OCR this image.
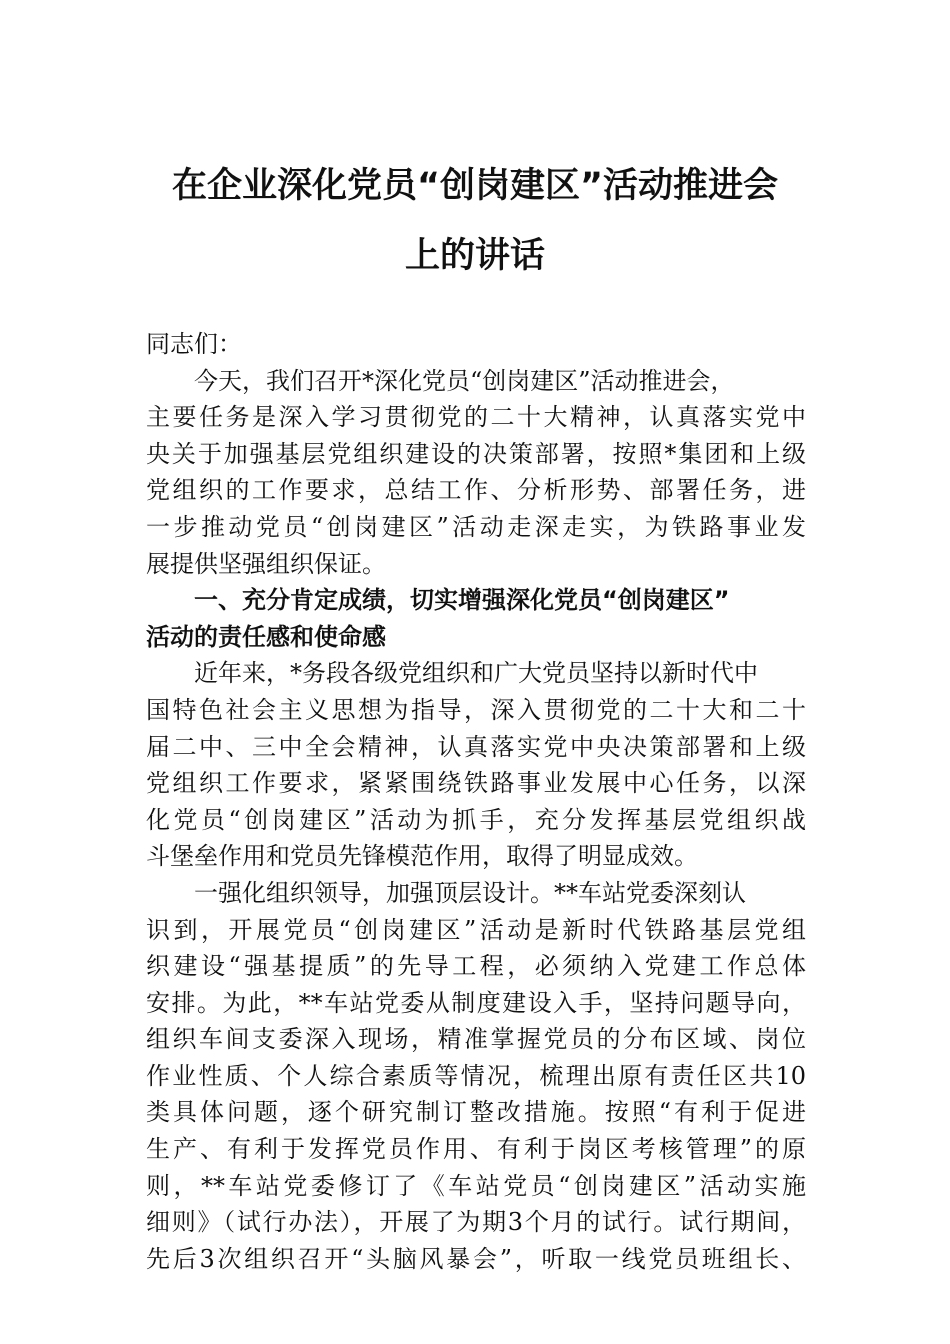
在企业深化党员“创岗建区”活动推进会
上的讲话
同志们：
今天，我们召开*深化党员“创岗建区”活动推进会，
主要任务是深入学习贯彻党的二十大精神，认真落实党中
央关于加强基层党组织建设的决策部署，按照*集团和上级
党组织的工作要求，总结工作、分析形势、部署任务，进
一步推动党员“创岗建区”活动走深走实，为铁路事业发
展提供坚强组织保证。
一、充分肯定成绩，切实增强深化党员“创岗建区”
活动的责任感和使命感
近年来，*务段各级党组织和广大党员坚持以新时代中
国特色社会主义思想为指导，深入贯彻党的二十大和二十
届二中、三中全会精神，认真落实党中央决策部署和上级
党组织工作要求，紧紧围绕铁路事业发展中心任务，以深
化党员“创岗建区”活动为抓手，充分发挥基层党组织战
斗堡垒作用和党员先锋模范作用，取得了明显成效。
一强化组织领导，加强顶层设计。**车站党委深刻认
识到，开展党员“创岗建区”活动是新时代铁路基层党组
织建设“强基提质”的先导工程，必须纳入党建工作总体
安排。为此，**车站党委从制度建设入手，坚持问题导向，
组织车间支委深入现场，精准掌握党员的分布区域、岗位
作业性质、个人综合素质等情况，梳理出原有责任区共10
类具体问题，逐个研究制订整改措施。按照“有利于促进
生产、有利于发挥党员作用、有利于岗区考核管理”的原
则，**车站党委修订了《车站党员“创岗建区”活动实施
细则》（试行办法），开展了为期3个月的试行。试行期间，
先后3次组织召开“头脑风暴会”，听取一线党员班组长、
